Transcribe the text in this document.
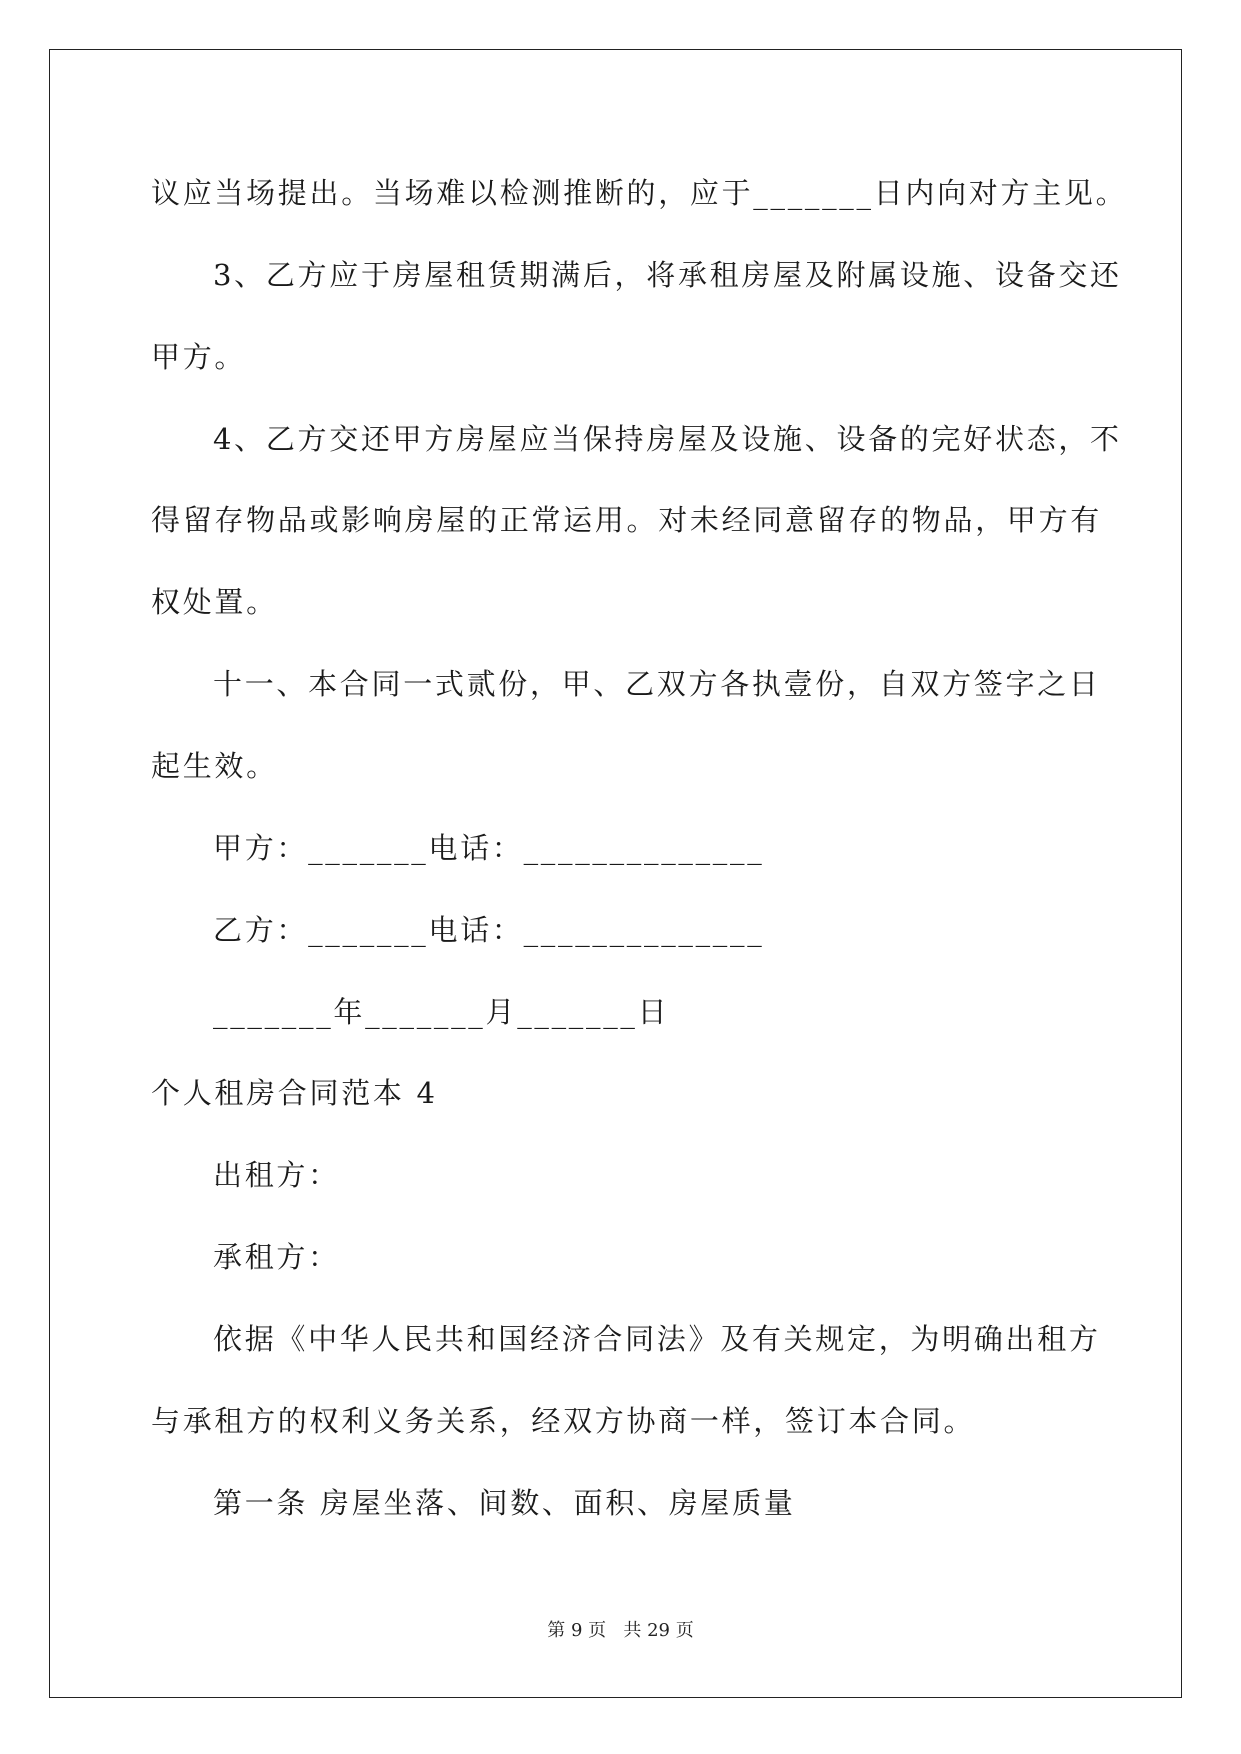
议应当场提出。当场难以检测推断的，应于_______日内向对方主见。
3、乙方应于房屋租赁期满后，将承租房屋及附属设施、设备交还
甲方。
4、乙方交还甲方房屋应当保持房屋及设施、设备的完好状态，不
得留存物品或影响房屋的正常运用。对未经同意留存的物品，甲方有
权处置。
十一、本合同一式贰份，甲、乙双方各执壹份，自双方签字之日
起生效。
甲方：_______电话：______________
乙方：_______电话：______________
_______年_______月_______日
个人租房合同范本 4
出租方：
承租方：
依据《中华人民共和国经济合同法》及有关规定，为明确出租方
与承租方的权利义务关系，经双方协商一样，签订本合同。
第一条 房屋坐落、间数、面积、房屋质量
第 9 页   共 29 页
